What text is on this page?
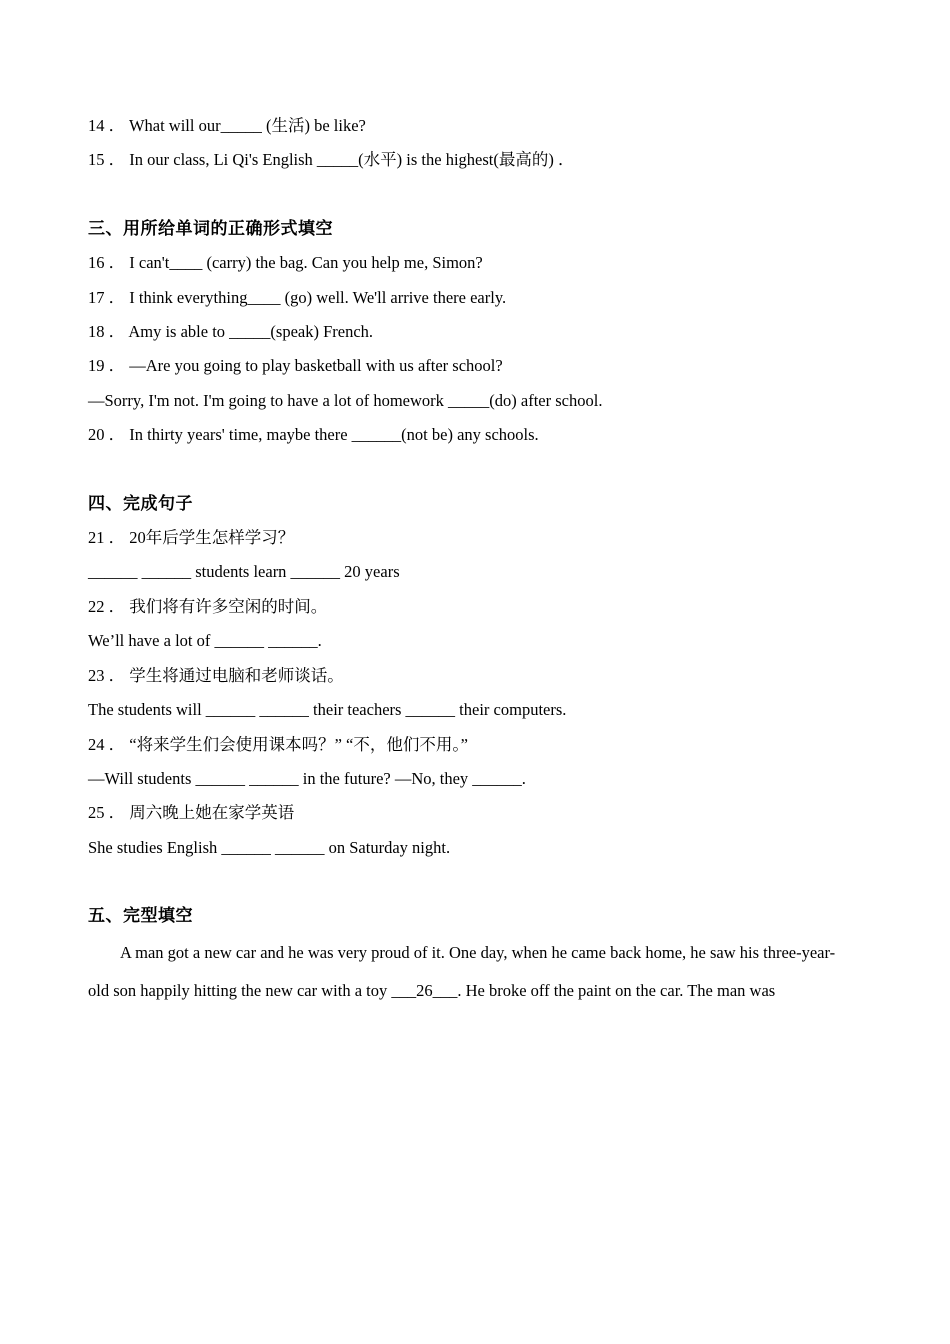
14 ． What will our_____ (生活) be like?
15 ． In our class, Li Qi's English _____(水平) is the highest(最高的) ．
三、用所给单词的正确形式填空
16 ． I can't____ (carry) the bag. Can you help me, Simon?
17 ． I think everything____ (go) well. We'll arrive there early.
18 ． Amy is able to _____(speak) French.
19 ． —Are you going to play basketball with us after school?
—Sorry, I'm not. I'm going to have a lot of homework _____(do) after school.
20 ． In thirty years' time, maybe there ______(not be) any schools.
四、完成句子
21 ． 20年后学生怎样学习？
______ ______ students learn ______ 20 years
22 ． 我们将有许多空闲的时间。
We’ll have a lot of ______ ______.
23 ． 学生将通过电脑和老师谈话。
The students will ______ ______ their teachers ______ their computers.
24 ． “将来学生们会使用课本吗？” “不，他们不用。”
—Will students ______ ______ in the future? —No, they ______.
25 ． 周六晚上她在家学英语
She studies English ______ ______ on Saturday night.
五、完型填空
A man got a new car and he was very proud of it. One day, when he came back home, he saw his three-year-
old son happily hitting the new car with a toy ___26___. He broke off the paint on the car. The man was
